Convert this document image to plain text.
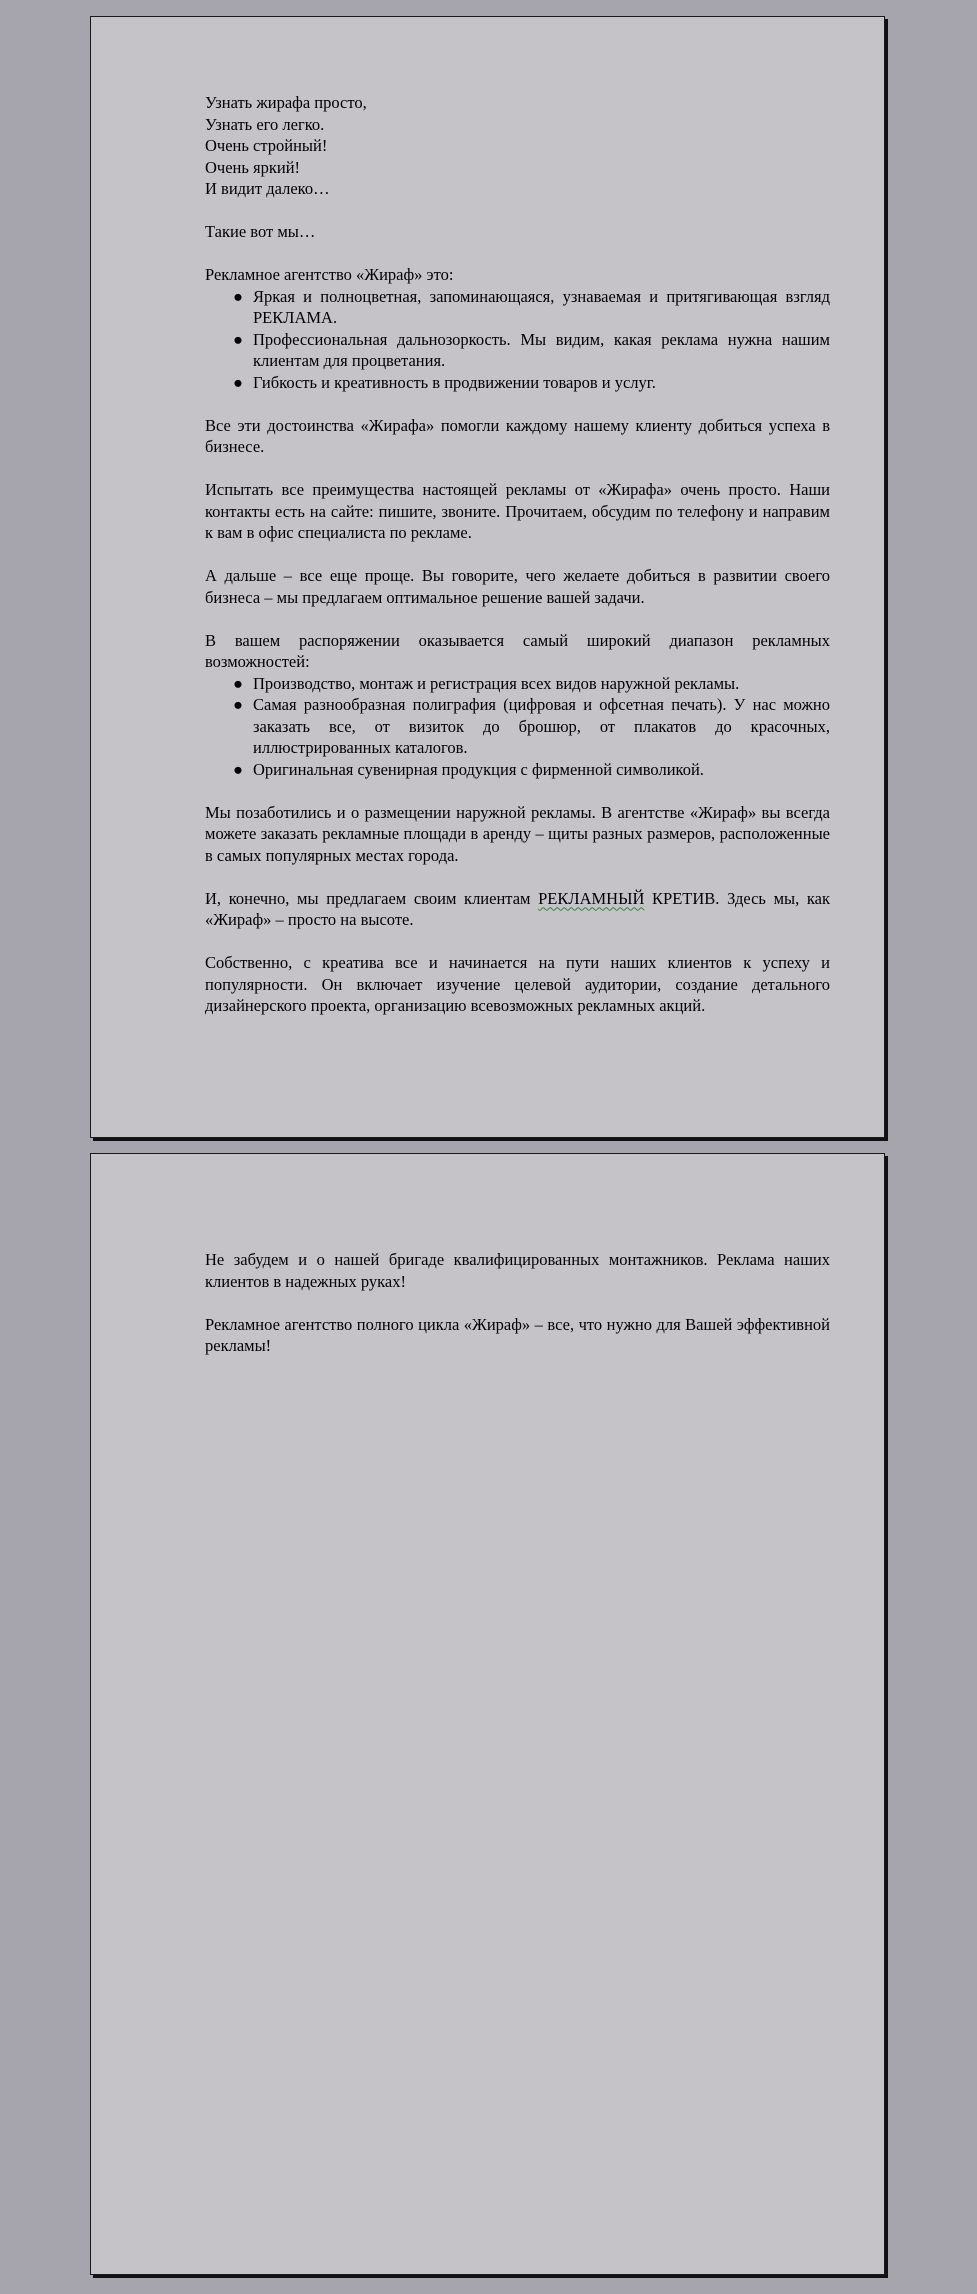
Узнать жирафа просто,
Узнать его легко.
Очень стройный!
Очень яркий!
И видит далеко…
Такие вот мы…
Рекламное агентство «Жираф» это:
● Яркая и полноцветная, запоминающаяся, узнаваемая и притягивающая взгляд РЕКЛАМА.
● Профессиональная дальнозоркость. Мы видим, какая реклама нужна нашим клиентам для процветания.
● Гибкость и креативность в продвижении товаров и услуг.
Все эти достоинства «Жирафа» помогли каждому нашему клиенту добиться успеха в бизнесе.
Испытать все преимущества настоящей рекламы от «Жирафа» очень просто. Наши контакты есть на сайте: пишите, звоните. Прочитаем, обсудим по телефону и направим к вам в офис специалиста по рекламе.
А дальше – все еще проще. Вы говорите, чего желаете добиться в развитии своего бизнеса – мы предлагаем оптимальное решение вашей задачи.
В вашем распоряжении оказывается самый широкий диапазон рекламных возможностей:
● Производство, монтаж и регистрация всех видов наружной рекламы.
● Самая разнообразная полиграфия (цифровая и офсетная печать). У нас можно заказать все, от визиток до брошюр, от плакатов до красочных, иллюстрированных каталогов.
● Оригинальная сувенирная продукция с фирменной символикой.
Мы позаботились и о размещении наружной рекламы. В агентстве «Жираф» вы всегда можете заказать рекламные площади в аренду – щиты разных размеров, расположенные в самых популярных местах города.
И, конечно, мы предлагаем своим клиентам РЕКЛАМНЫЙ КРЕТИВ. Здесь мы, как «Жираф» – просто на высоте.
Собственно, с креатива все и начинается на пути наших клиентов к успеху и популярности. Он включает изучение целевой аудитории, создание детального дизайнерского проекта, организацию всевозможных рекламных акций.
Не забудем и о нашей бригаде квалифицированных монтажников. Реклама наших клиентов в надежных руках!
Рекламное агентство полного цикла «Жираф» – все, что нужно для Вашей эффективной рекламы!
